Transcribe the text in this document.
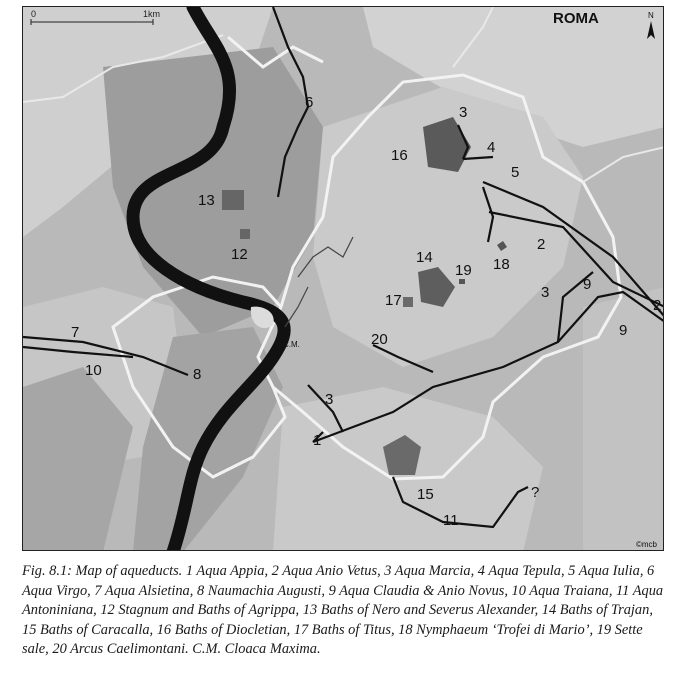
0	1km	ROMA	N
6
3
4
5
16
13
12
2
18
14
19
17	3 9
2
9
7
10	8
C.M.	20
3
1
15
11
?
©mcb

Fig. 8.1: Map of aqueducts. 1 Aqua Appia, 2 Aqua Anio Vetus, 3 Aqua Marcia, 4 Aqua Tepula, 5 Aqua Iulia, 6 Aqua Virgo, 7 Aqua Alsietina, 8 Naumachia Augusti, 9 Aqua Claudia & Anio Novus, 10 Aqua Traiana, 11 Aqua Antoniniana, 12 Stagnum and Baths of Agrippa, 13 Baths of Nero and Severus Alexander, 14 Baths of Trajan, 15 Baths of Caracalla, 16 Baths of Diocletian, 17 Baths of Titus, 18 Nymphaeum ‘Trofei di Mario’, 19 Sette sale, 20 Arcus Caelimontani. C.M. Cloaca Maxima.
